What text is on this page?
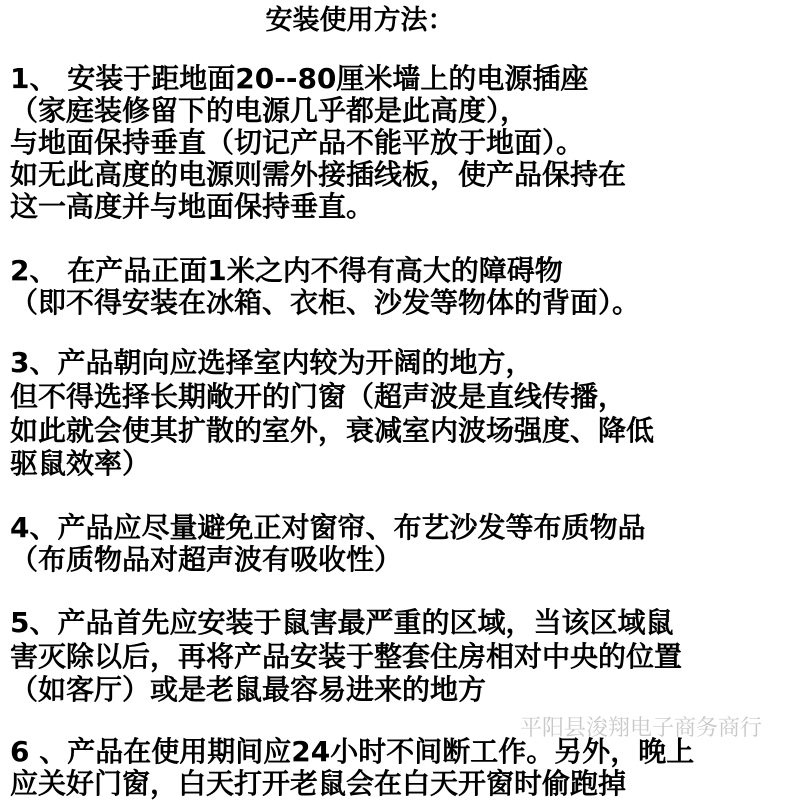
安装使用方法：
1、 安装于距地面20--80厘米墙上的电源插座
（家庭装修留下的电源几乎都是此高度），
与地面保持垂直（切记产品不能平放于地面）。
如无此高度的电源则需外接插线板，使产品保持在
这一高度并与地面保持垂直。
2、 在产品正面1米之内不得有高大的障碍物
（即不得安装在冰箱、衣柜、沙发等物体的背面）。
3、产品朝向应选择室内较为开阔的地方，
但不得选择长期敞开的门窗（超声波是直线传播，
如此就会使其扩散的室外，衰减室内波场强度、降低
驱鼠效率）
4、产品应尽量避免正对窗帘、布艺沙发等布质物品
（布质物品对超声波有吸收性）
5、产品首先应安装于鼠害最严重的区域，当该区域鼠
害灭除以后，再将产品安装于整套住房相对中央的位置
（如客厅）或是老鼠最容易进来的地方
6 、产品在使用期间应24小时不间断工作。另外，晚上
应关好门窗，白天打开老鼠会在白天开窗时偷跑掉
平阳县浚翔电子商务商行
